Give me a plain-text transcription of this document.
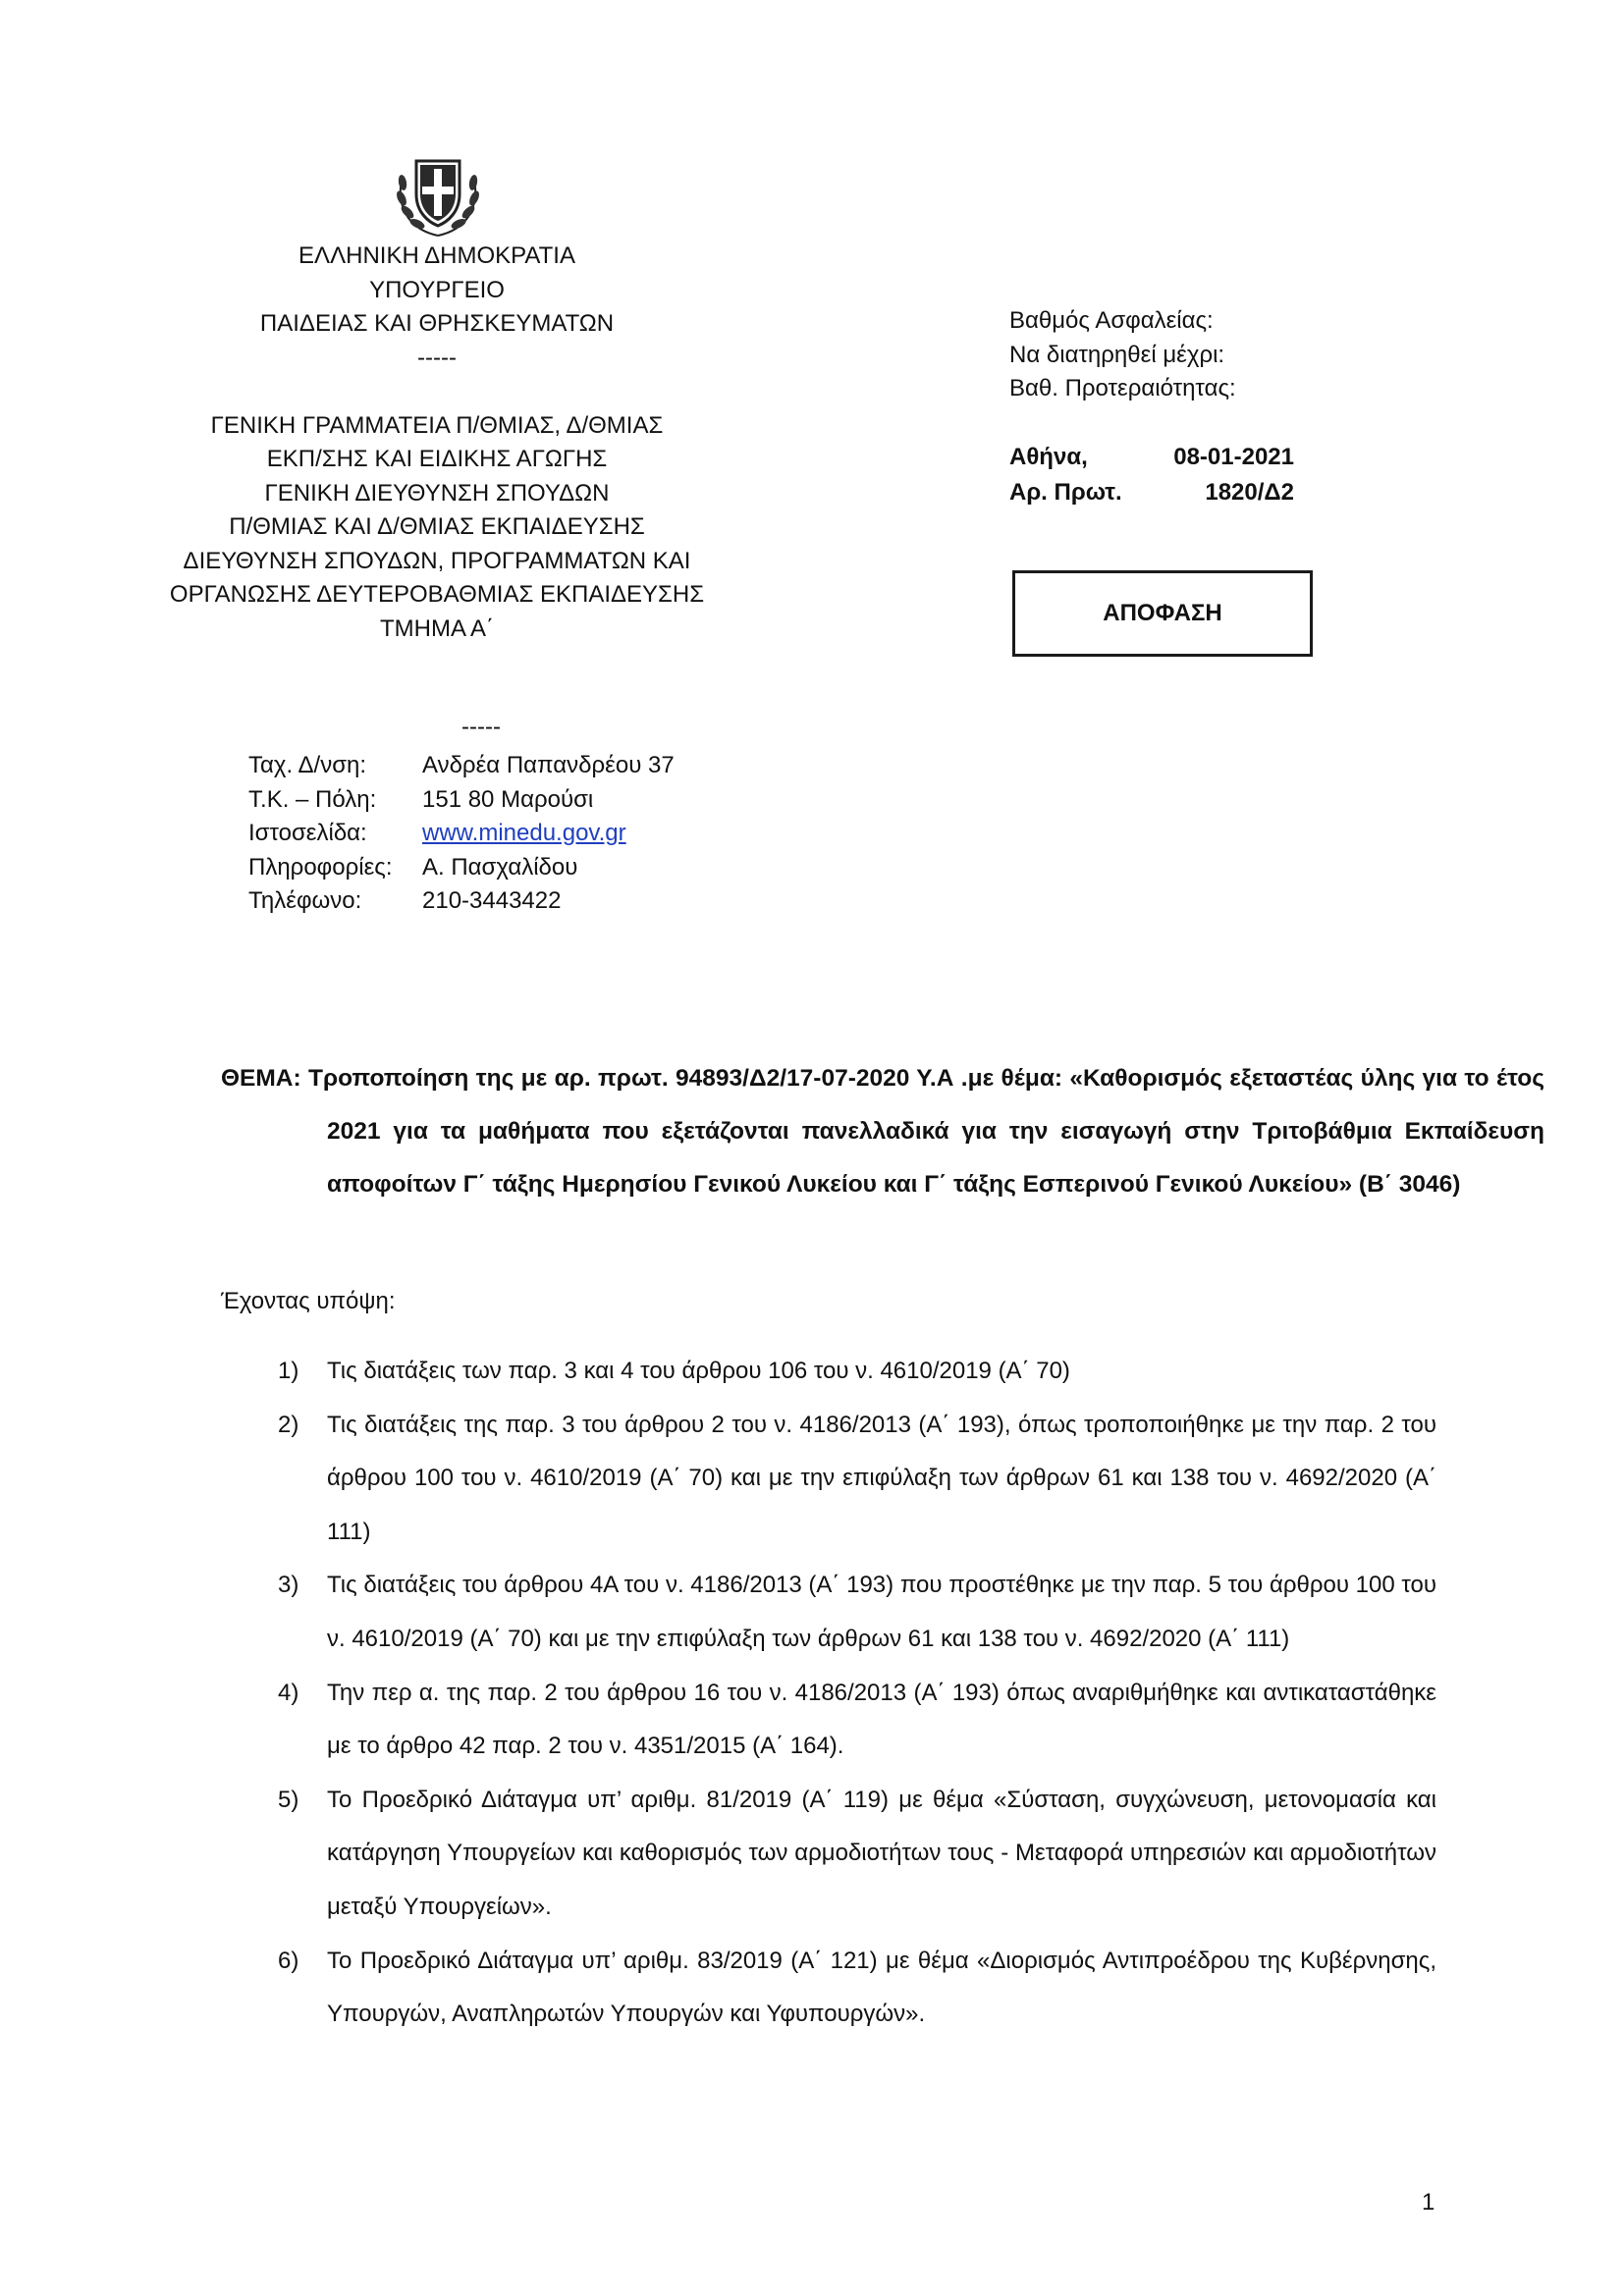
ΕΛΛΗΝΙΚΗ ΔΗΜΟΚΡΑΤΙΑ
ΥΠΟΥΡΓΕΙΟ
ΠΑΙΔΕΙΑΣ ΚΑΙ ΘΡΗΣΚΕΥΜΑΤΩΝ
-----
ΓΕΝΙΚΗ ΓΡΑΜΜΑΤΕΙΑ Π/ΘΜΙΑΣ, Δ/ΘΜΙΑΣ
ΕΚΠ/ΣΗΣ ΚΑΙ ΕΙΔΙΚΗΣ ΑΓΩΓΗΣ
ΓΕΝΙΚΗ ΔΙΕΥΘΥΝΣΗ ΣΠΟΥΔΩΝ
Π/ΘΜΙΑΣ ΚΑΙ Δ/ΘΜΙΑΣ ΕΚΠΑΙΔΕΥΣΗΣ
ΔΙΕΥΘΥΝΣΗ ΣΠΟΥΔΩΝ, ΠΡΟΓΡΑΜΜΑΤΩΝ ΚΑΙ
ΟΡΓΑΝΩΣΗΣ ΔΕΥΤΕΡΟΒΑΘΜΙΑΣ ΕΚΠΑΙΔΕΥΣΗΣ
ΤΜΗΜΑ Α΄
Βαθμός Ασφαλείας:
Να διατηρηθεί μέχρι:
Βαθ. Προτεραιότητας:
Αθήνα,	08-01-2021
Αρ. Πρωτ.	1820/Δ2
ΑΠΟΦΑΣΗ
-----
Ταχ. Δ/νση:	Ανδρέα Παπανδρέου 37
Τ.Κ. – Πόλη:	151 80 Μαρούσι
Ιστοσελίδα:	www.minedu.gov.gr
Πληροφορίες:	Α. Πασχαλίδου
Τηλέφωνο:	210-3443422
ΘΕΜΑ: Τροποποίηση της με αρ. πρωτ. 94893/Δ2/17-07-2020 Υ.Α .με θέμα: «Καθορισμός εξεταστέας ύλης για το έτος 2021 για τα μαθήματα που εξετάζονται πανελλαδικά για την εισαγωγή στην Τριτοβάθμια Εκπαίδευση αποφοίτων Γ΄ τάξης Ημερησίου Γενικού Λυκείου και Γ΄ τάξης Εσπερινού Γενικού Λυκείου» (Β΄ 3046)
Έχοντας υπόψη:
1)	Τις διατάξεις των παρ. 3 και 4 του άρθρου 106 του ν. 4610/2019 (Α΄ 70)
2)	Τις διατάξεις της παρ. 3 του άρθρου 2 του ν. 4186/2013 (Α΄ 193), όπως τροποποιήθηκε με την παρ. 2 του άρθρου 100 του ν. 4610/2019 (Α΄ 70) και με την επιφύλαξη των άρθρων 61 και 138 του ν. 4692/2020 (Α΄ 111)
3)	Τις διατάξεις του άρθρου 4Α του ν. 4186/2013 (Α΄ 193) που προστέθηκε με την παρ. 5 του άρθρου 100 του ν. 4610/2019 (Α΄ 70) και με την επιφύλαξη των άρθρων 61 και 138 του ν. 4692/2020 (Α΄ 111)
4)	Την περ α. της παρ. 2 του άρθρου 16 του ν. 4186/2013 (Α΄ 193) όπως αναριθμήθηκε και αντικαταστάθηκε με το άρθρο 42 παρ. 2 του ν. 4351/2015 (Α΄ 164).
5)	Το Προεδρικό Διάταγμα υπ’ αριθμ. 81/2019 (Α΄ 119) με θέμα «Σύσταση, συγχώνευση, μετονομασία και κατάργηση Υπουργείων και καθορισμός των αρμοδιοτήτων τους - Μεταφορά υπηρεσιών και αρμοδιοτήτων μεταξύ Υπουργείων».
6)	Το Προεδρικό Διάταγμα υπ’ αριθμ. 83/2019 (Α΄ 121) με θέμα «Διορισμός Αντιπροέδρου της Κυβέρνησης, Υπουργών, Αναπληρωτών Υπουργών και Υφυπουργών».
1
